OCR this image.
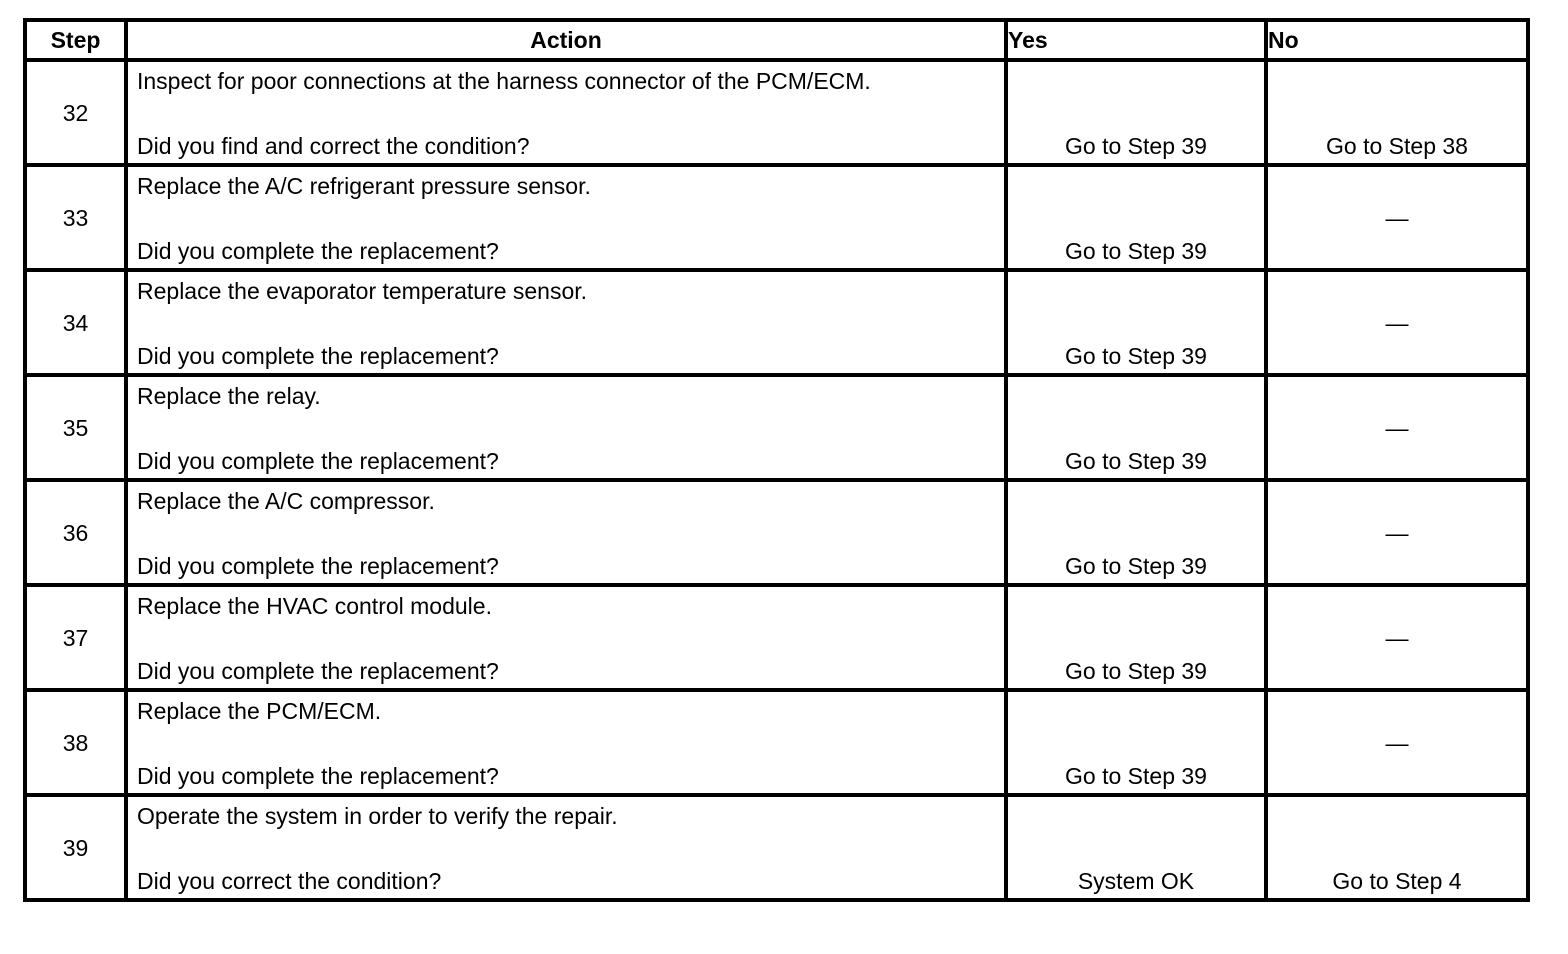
Step	Action	Yes	No
32	Inspect for poor connections at the harness connector of the PCM/ECM.
Did you find and correct the condition?	Go to Step 39	Go to Step 38

33	Replace the A/C refrigerant pressure sensor.
Did you complete the replacement?	Go to Step 39	—

34	Replace the evaporator temperature sensor.
Did you complete the replacement?	Go to Step 39	—

35	Replace the relay.
Did you complete the replacement?	Go to Step 39	—

36	Replace the A/C compressor.
Did you complete the replacement?	Go to Step 39	—

37	Replace the HVAC control module.
Did you complete the replacement?	Go to Step 39	—

38	Replace the PCM/ECM.
Did you complete the replacement?	Go to Step 39	—

39	Operate the system in order to verify the repair.
Did you correct the condition?	System OK	Go to Step 4
